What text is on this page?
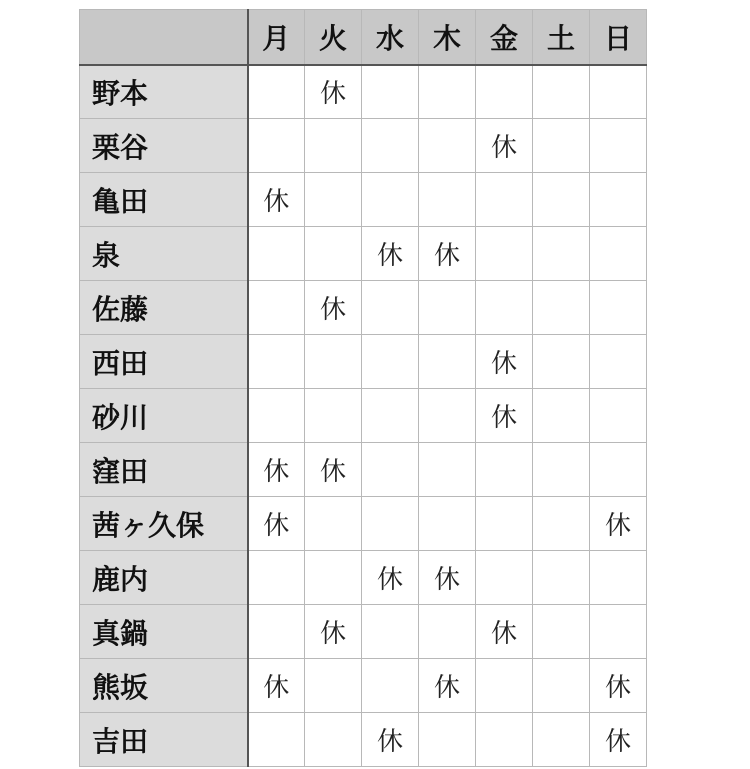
	月	火	水	木	金	土	日
野本		休					
栗谷					休		
亀田	休						
泉			休	休			
佐藤		休					
西田					休		
砂川					休		
窪田	休	休					
茜ヶ久保	休						休
鹿内			休	休			
真鍋		休			休		
熊坂	休			休			休
吉田			休				休
